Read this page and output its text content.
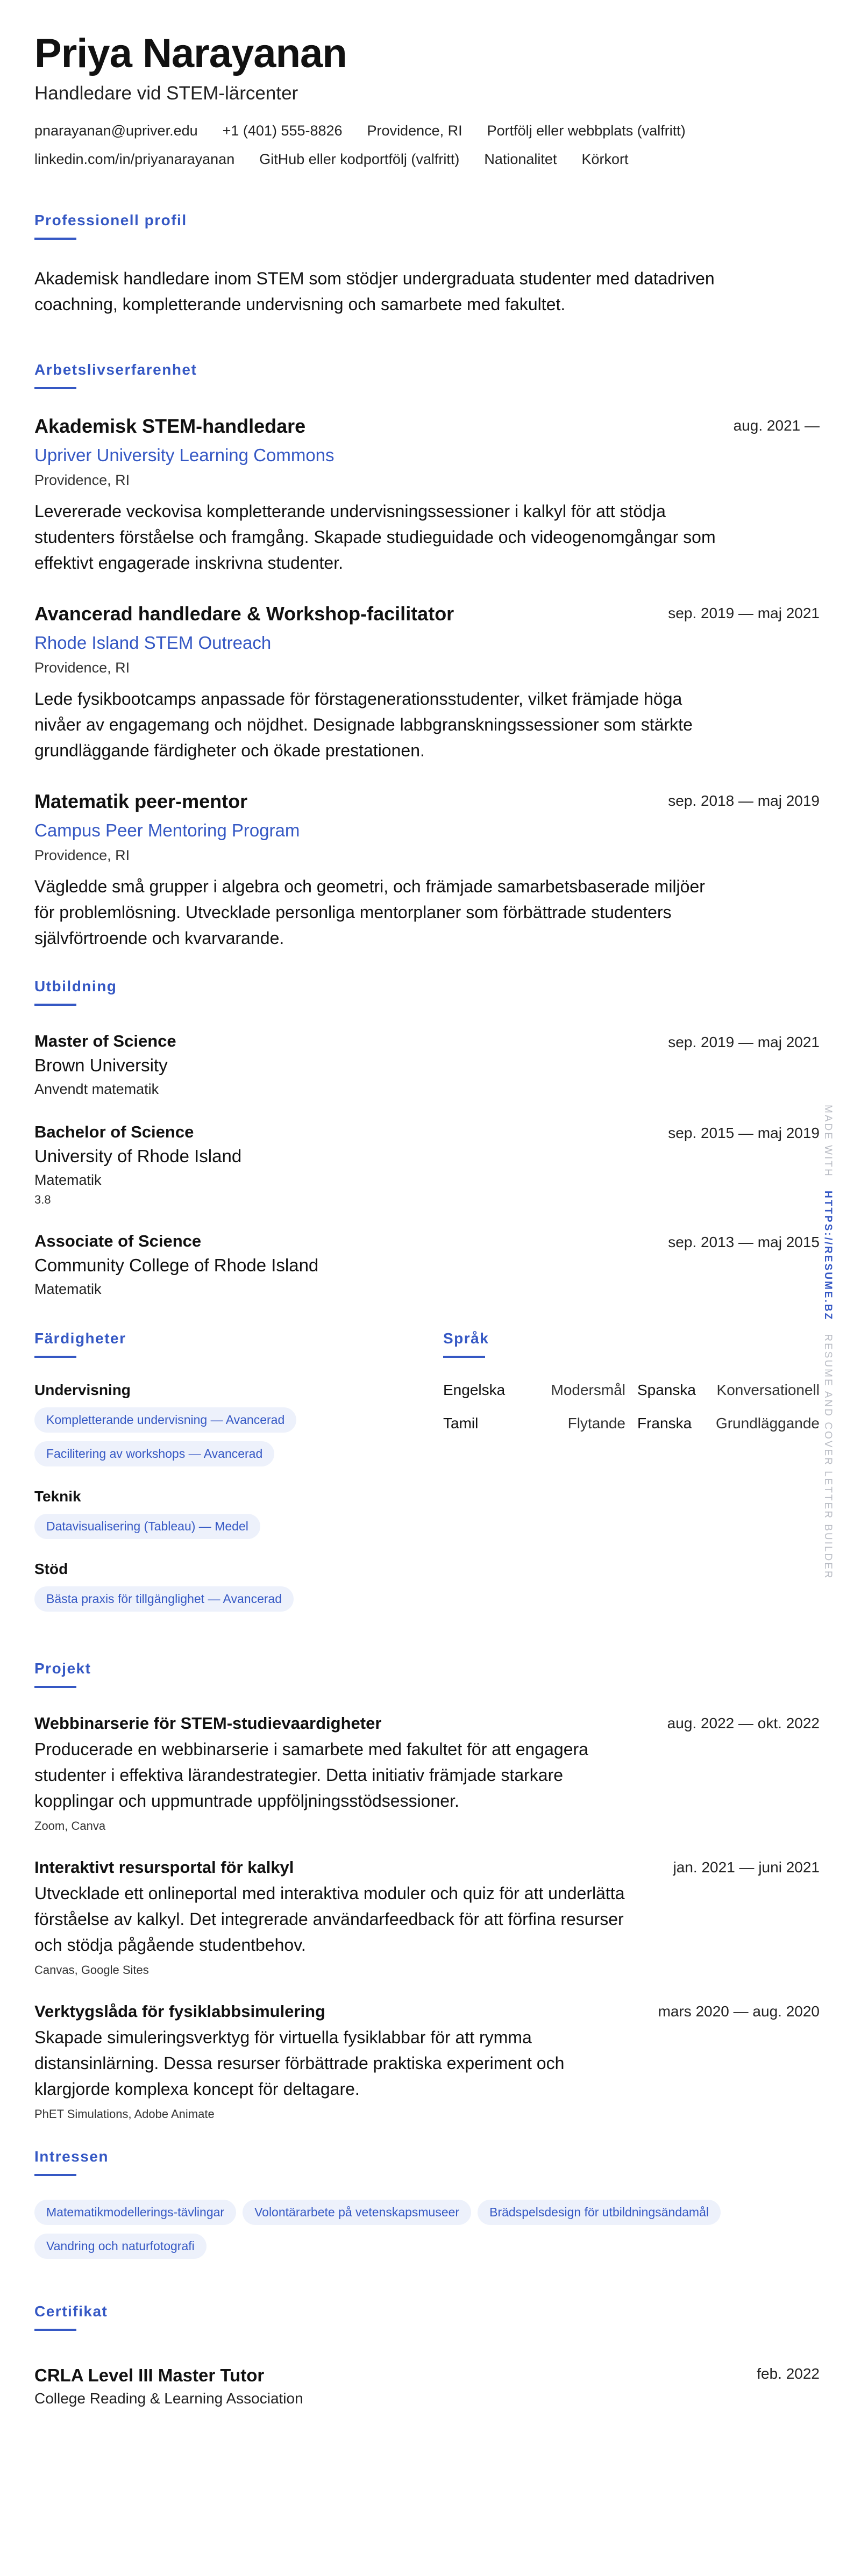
Priya Narayanan
Handledare vid STEM-lärcenter
pnarayanan@upriver.edu +1 (401) 555-8826 Providence, RI Portfölj eller webbplats (valfritt)
linkedin.com/in/priyanarayanan GitHub eller kodportfölj (valfritt) Nationalitet Körkort
Professionell profil
Akademisk handledare inom STEM som stödjer undergraduata studenter med datadriven coachning, kompletterande undervisning och samarbete med fakultet.
Arbetslivserfarenhet
Akademisk STEM-handledare	aug. 2021 —
Upriver University Learning Commons
Providence, RI
Levererade veckovisa kompletterande undervisningssessioner i kalkyl för att stödja studenters förståelse och framgång. Skapade studieguidade och videogenomgångar som effektivt engagerade inskrivna studenter.
Avancerad handledare & Workshop-facilitator	sep. 2019 — maj 2021
Rhode Island STEM Outreach
Providence, RI
Lede fysikbootcamps anpassade för förstagenerationsstudenter, vilket främjade höga nivåer av engagemang och nöjdhet. Designade labbgranskningssessioner som stärkte grundläggande färdigheter och ökade prestationen.
Matematik peer-mentor	sep. 2018 — maj 2019
Campus Peer Mentoring Program
Providence, RI
Vägledde små grupper i algebra och geometri, och främjade samarbetsbaserade miljöer för problemlösning. Utvecklade personliga mentorplaner som förbättrade studenters självförtroende och kvarvarande.
Utbildning
Master of Science	sep. 2019 — maj 2021
Brown University
Anvendt matematik
Bachelor of Science	sep. 2015 — maj 2019
University of Rhode Island
Matematik
3.8
Associate of Science	sep. 2013 — maj 2015
Community College of Rhode Island
Matematik
Färdigheter
Undervisning
Kompletterande undervisning — Avancerad
Facilitering av workshops — Avancerad
Teknik
Datavisualisering (Tableau) — Medel
Stöd
Bästa praxis för tillgänglighet — Avancerad
Språk
Engelska	Modersmål Spanska Konversationell
Tamil	Flytande Franska Grundläggande
Projekt
Webbinarserie för STEM-studievaardigheter	aug. 2022 — okt. 2022
Producerade en webbinarserie i samarbete med fakultet för att engagera studenter i effektiva lärandestrategier. Detta initiativ främjade starkare kopplingar och uppmuntrade uppföljningsstödsessioner.
Zoom, Canva
Interaktivt resursportal för kalkyl	jan. 2021 — juni 2021
Utvecklade ett onlineportal med interaktiva moduler och quiz för att underlätta förståelse av kalkyl. Det integrerade användarfeedback för att förfina resurser och stödja pågående studentbehov.
Canvas, Google Sites
Verktygslåda för fysiklabbsimulering	mars 2020 — aug. 2020
Skapade simuleringsverktyg för virtuella fysiklabbar för att rymma distansinlärning. Dessa resurser förbättrade praktiska experiment och klargjorde komplexa koncept för deltagare.
PhET Simulations, Adobe Animate
Intressen
Matematikmodellerings-tävlingar	Volontärarbete på vetenskapsmuseer	Brädspelsdesign för utbildningsändamål
Vandring och naturfotografi
Certifikat
CRLA Level III Master Tutor	feb. 2022
College Reading & Learning Association
MADE WITH HTTPS://RESUME.BZ RESUME AND COVER LETTER BUILDER
